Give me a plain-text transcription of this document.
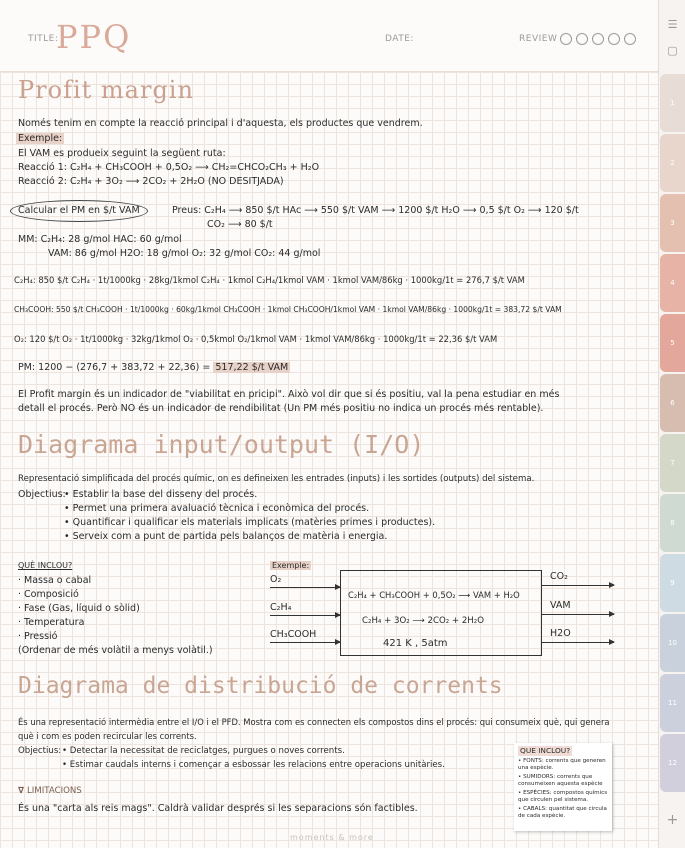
TITLE:
PPQ	DATE:	REVIEW
Profit margin
Només tenim en compte la reacció principal i d'aquesta, els productes que vendrem.
Exemple:
El VAM es produeix seguint la següent ruta:
Reacció 1: C₂H₄ + CH₃COOH + 0,5O₂ ⟶ CH₂=CHCO₂CH₃ + H₂O
Reacció 2: C₂H₄ + 3O₂ ⟶ 2CO₂ + 2H₂O (NO DESITJADA)
Calcular el PM en $/t VAM	Preus: C₂H₄ ⟶ 850 $/t HAc ⟶ 550 $/t VAM ⟶ 1200 $/t H₂O ⟶ 0,5 $/t O₂ ⟶ 120 $/t
CO₂ ⟶ 80 $/t
MM: C₂H₄: 28 g/mol HAC: 60 g/mol
VAM: 86 g/mol H2O: 18 g/mol O₂: 32 g/mol CO₂: 44 g/mol
C₂H₄: 850 $/t C₂H₄ · 1t/1000kg · 28kg/1kmol C₂H₄ · 1kmol C₂H₄/1kmol VAM · 1kmol VAM/86kg · 1000kg/1t = 276,7 $/t VAM
CH₃COOH: 550 $/t CH₃COOH · 1t/1000kg · 60kg/1kmol CH₃COOH · 1kmol CH₃COOH/1kmol VAM · 1kmol VAM/86kg · 1000kg/1t = 383,72 $/t VAM
O₂: 120 $/t O₂ · 1t/1000kg · 32kg/1kmol O₂ · 0,5kmol O₂/1kmol VAM · 1kmol VAM/86kg · 1000kg/1t = 22,36 $/t VAM
PM: 1200 − (276,7 + 383,72 + 22,36) = 517,22 $/t VAM
El Profit margin és un indicador de "viabilitat en pricipi". Això vol dir que si és positiu, val la pena estudiar en més
detall el procés. Però NO és un indicador de rendibilitat (Un PM més positiu no indica un procés més rentable).
Diagrama input/output (I/O)
Representació simplificada del procés químic, on es defineixen les entrades (inputs) i les sortides (outputs) del sistema.
Objectius:
• Establir la base del disseny del procés.
• Permet una primera avaluació tècnica i econòmica del procés.
• Quantificar i qualificar els materials implicats (matèries primes i productes).
• Serveix com a punt de partida pels balanços de matèria i energia.
QUÈ INCLOU?
· Massa o cabal
· Composició
· Fase (Gas, líquid o sòlid)
· Temperatura
· Pressió
(Ordenar de més volàtil a menys volàtil.)
Exemple:
C₂H₄ + CH₃COOH + 0,5O₂ ⟶ VAM + H₂O
C₂H₄ + 3O₂ ⟶ 2CO₂ + 2H₂O
421 K , 5atm
O₂
C₂H₄
CH₃COOH
CO₂
VAM
H2O
Diagrama de distribució de corrents
És una representació intermèdia entre el I/O i el PFD. Mostra com es connecten els compostos dins el procés: qui consumeix què, qui genera
què i com es poden recircular les corrents.
Objectius: • Detectar la necessitat de reciclatges, purgues o noves corrents.
• Estimar caudals interns i començar a esbossar les relacions entre operacions unitàries.
∇ LIMITACIONS
És una "carta als reis mags". Caldrà validar després si les separacions són factibles.
QUE INCLOU?
• FONTS: corrents que generen una espècie.
• SUMIDORS: corrents que consumeixen aquesta espècie
• ESPÈCIES: compostos químics que circulen pel sistema.
• CABALS: quantitat que circula de cada espècie.
moments & more
☰
▢
+
1
2
3
4
5
6
7
8
9
10
11
12
